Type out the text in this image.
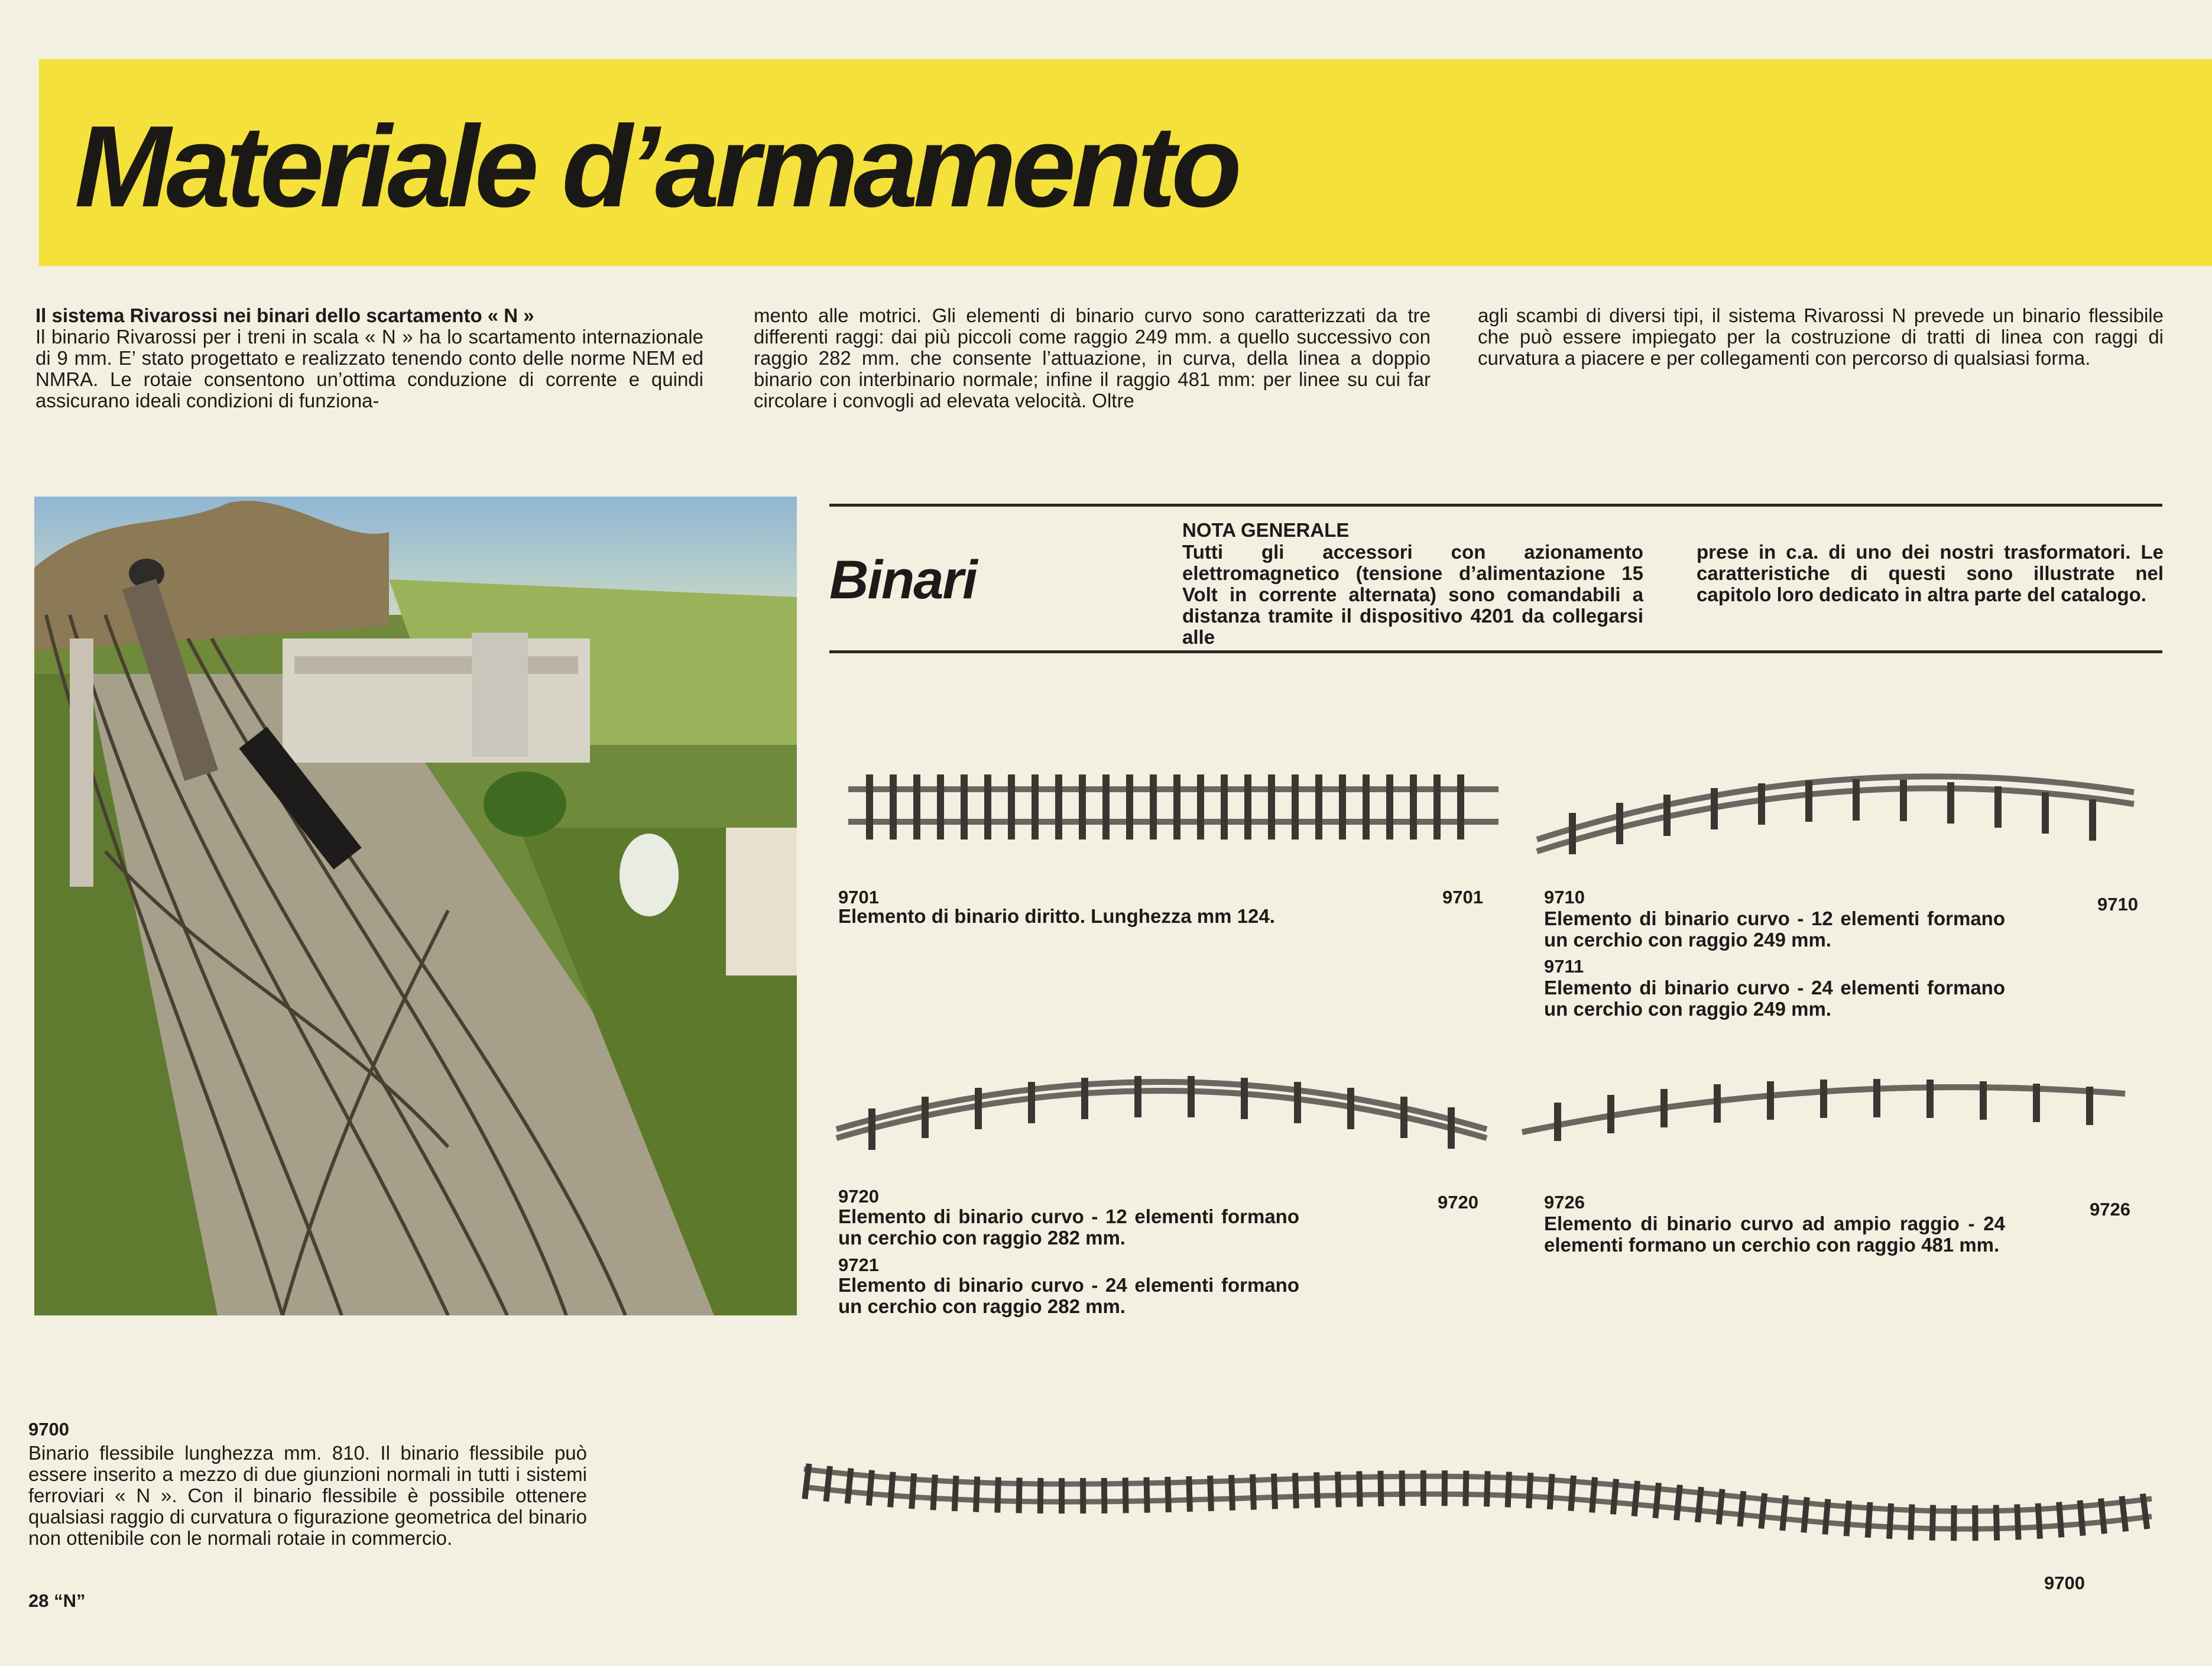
Materiale d’armamento
Il sistema Rivarossi nei binari dello scartamento « N »
Il binario Rivarossi per i treni in scala « N » ha lo scartamento internazionale di 9 mm. E’ stato progettato e realizzato tenendo conto delle norme NEM ed NMRA. Le rotaie consentono un’ottima conduzione di corrente e quindi assicurano ideali condizioni di funziona-
mento alle motrici. Gli elementi di binario curvo sono caratterizzati da tre differenti raggi: dai più piccoli come raggio 249 mm. a quello successivo con raggio 282 mm. che consente l’attuazione, in curva, della linea a doppio binario con interbinario normale; infine il raggio 481 mm: per linee su cui far circolare i convogli ad elevata velocità. Oltre
agli scambi di diversi tipi, il sistema Rivarossi N prevede un binario flessibile che può essere impiegato per la costruzione di tratti di linea con raggi di curvatura a piacere e per collegamenti con percorso di qualsiasi forma.
Binari
NOTA GENERALE
Tutti gli accessori con azionamento elettromagnetico (tensione d’alimentazione 15 Volt in corrente alternata) sono comandabili a distanza tramite il dispositivo 4201 da collegarsi alle
prese in c.a. di uno dei nostri trasformatori. Le caratteristiche di questi sono illustrate nel capitolo loro dedicato in altra parte del catalogo.
9701
Elemento di binario diritto. Lunghezza mm 124.
9701	9710
Elemento di binario curvo - 12 elementi formano un cerchio con raggio 249 mm.
9710
9711
Elemento di binario curvo - 24 elementi formano un cerchio con raggio 249 mm.
9720
Elemento di binario curvo - 12 elementi formano un cerchio con raggio 282 mm.
9720
9721
Elemento di binario curvo - 24 elementi formano un cerchio con raggio 282 mm.
9726
Elemento di binario curvo ad ampio raggio - 24 elementi formano un cerchio con raggio 481 mm.
9726
9700
Binario flessibile lunghezza mm. 810. Il binario flessibile può essere inserito a mezzo di due giunzioni normali in tutti i sistemi ferroviari « N ». Con il binario flessibile è possibile ottenere qualsiasi raggio di curvatura o figurazione geometrica del binario non ottenibile con le normali rotaie in commercio.
9700
28 “N”
